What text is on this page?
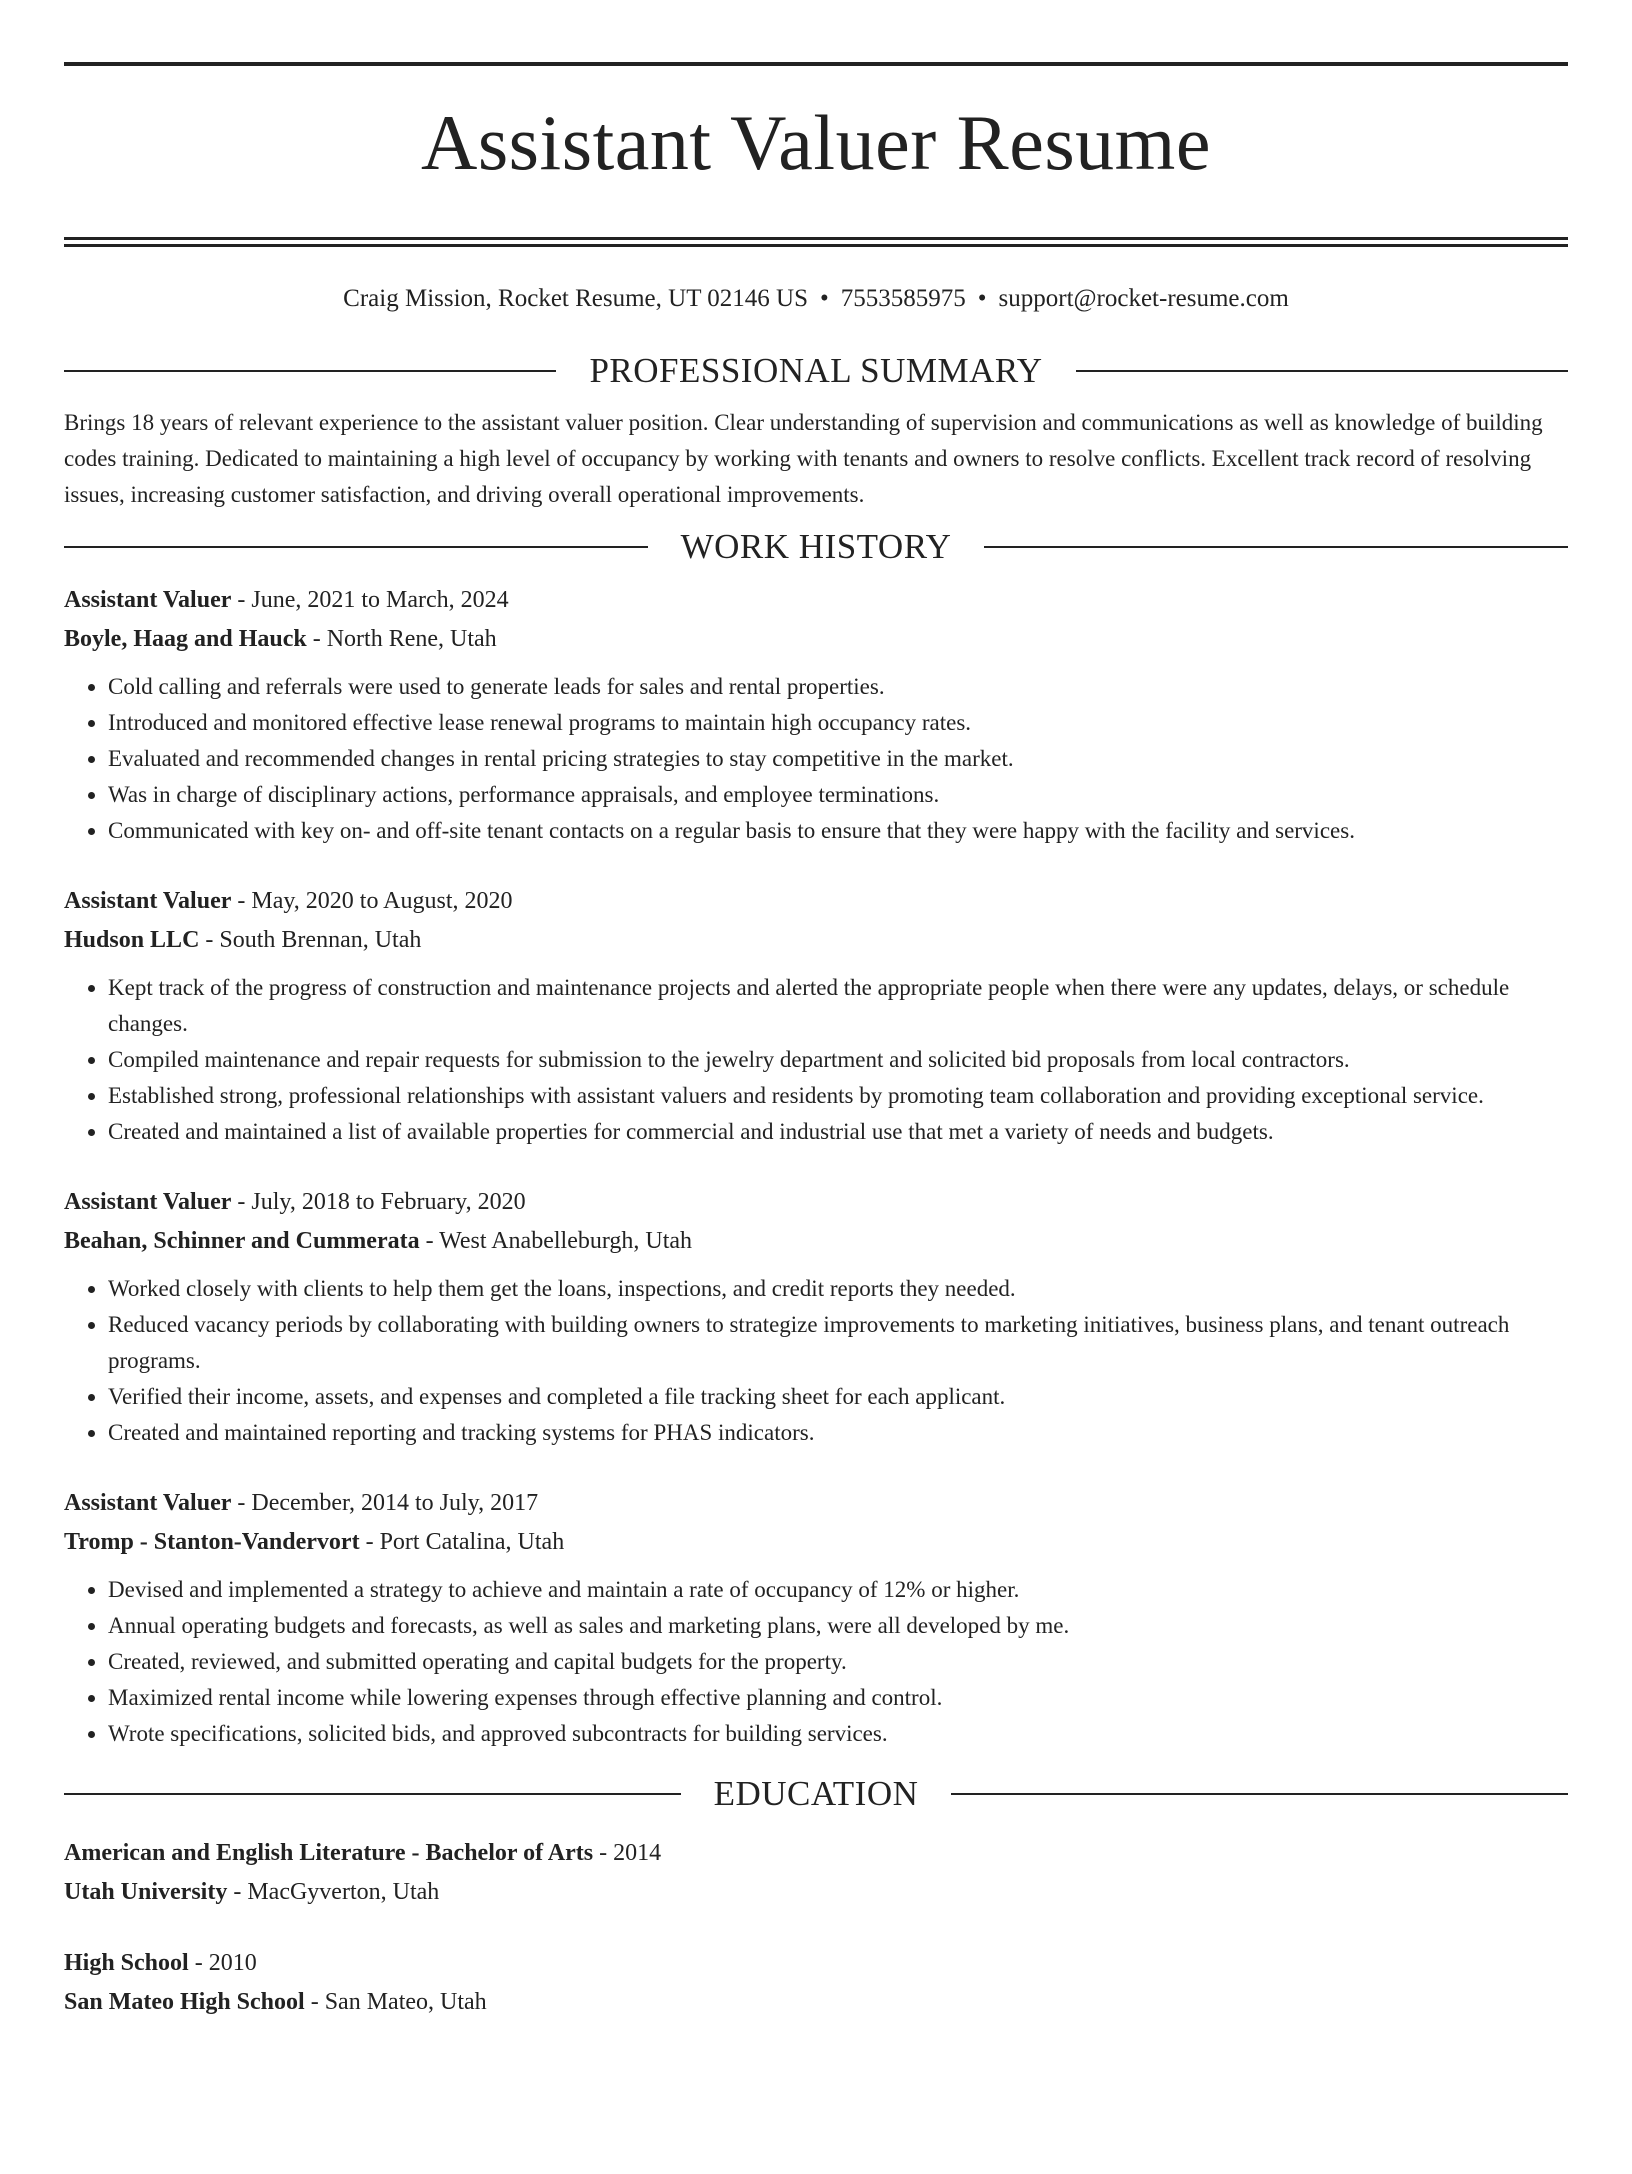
Assistant Valuer Resume
Craig Mission, Rocket Resume, UT 02146 US • 7553585975 • support@rocket-resume.com
PROFESSIONAL SUMMARY
Brings 18 years of relevant experience to the assistant valuer position. Clear understanding of supervision and communications as well as knowledge of building codes training. Dedicated to maintaining a high level of occupancy by working with tenants and owners to resolve conflicts. Excellent track record of resolving issues, increasing customer satisfaction, and driving overall operational improvements.
WORK HISTORY
Assistant Valuer - June, 2021 to March, 2024
Boyle, Haag and Hauck - North Rene, Utah
• Cold calling and referrals were used to generate leads for sales and rental properties.
• Introduced and monitored effective lease renewal programs to maintain high occupancy rates.
• Evaluated and recommended changes in rental pricing strategies to stay competitive in the market.
• Was in charge of disciplinary actions, performance appraisals, and employee terminations.
• Communicated with key on- and off-site tenant contacts on a regular basis to ensure that they were happy with the facility and services.
Assistant Valuer - May, 2020 to August, 2020
Hudson LLC - South Brennan, Utah
• Kept track of the progress of construction and maintenance projects and alerted the appropriate people when there were any updates, delays, or schedule changes.
• Compiled maintenance and repair requests for submission to the jewelry department and solicited bid proposals from local contractors.
• Established strong, professional relationships with assistant valuers and residents by promoting team collaboration and providing exceptional service.
• Created and maintained a list of available properties for commercial and industrial use that met a variety of needs and budgets.
Assistant Valuer - July, 2018 to February, 2020
Beahan, Schinner and Cummerata - West Anabelleburgh, Utah
• Worked closely with clients to help them get the loans, inspections, and credit reports they needed.
• Reduced vacancy periods by collaborating with building owners to strategize improvements to marketing initiatives, business plans, and tenant outreach programs.
• Verified their income, assets, and expenses and completed a file tracking sheet for each applicant.
• Created and maintained reporting and tracking systems for PHAS indicators.
Assistant Valuer - December, 2014 to July, 2017
Tromp - Stanton-Vandervort - Port Catalina, Utah
• Devised and implemented a strategy to achieve and maintain a rate of occupancy of 12% or higher.
• Annual operating budgets and forecasts, as well as sales and marketing plans, were all developed by me.
• Created, reviewed, and submitted operating and capital budgets for the property.
• Maximized rental income while lowering expenses through effective planning and control.
• Wrote specifications, solicited bids, and approved subcontracts for building services.
EDUCATION
American and English Literature - Bachelor of Arts - 2014
Utah University - MacGyverton, Utah
High School - 2010
San Mateo High School - San Mateo, Utah
